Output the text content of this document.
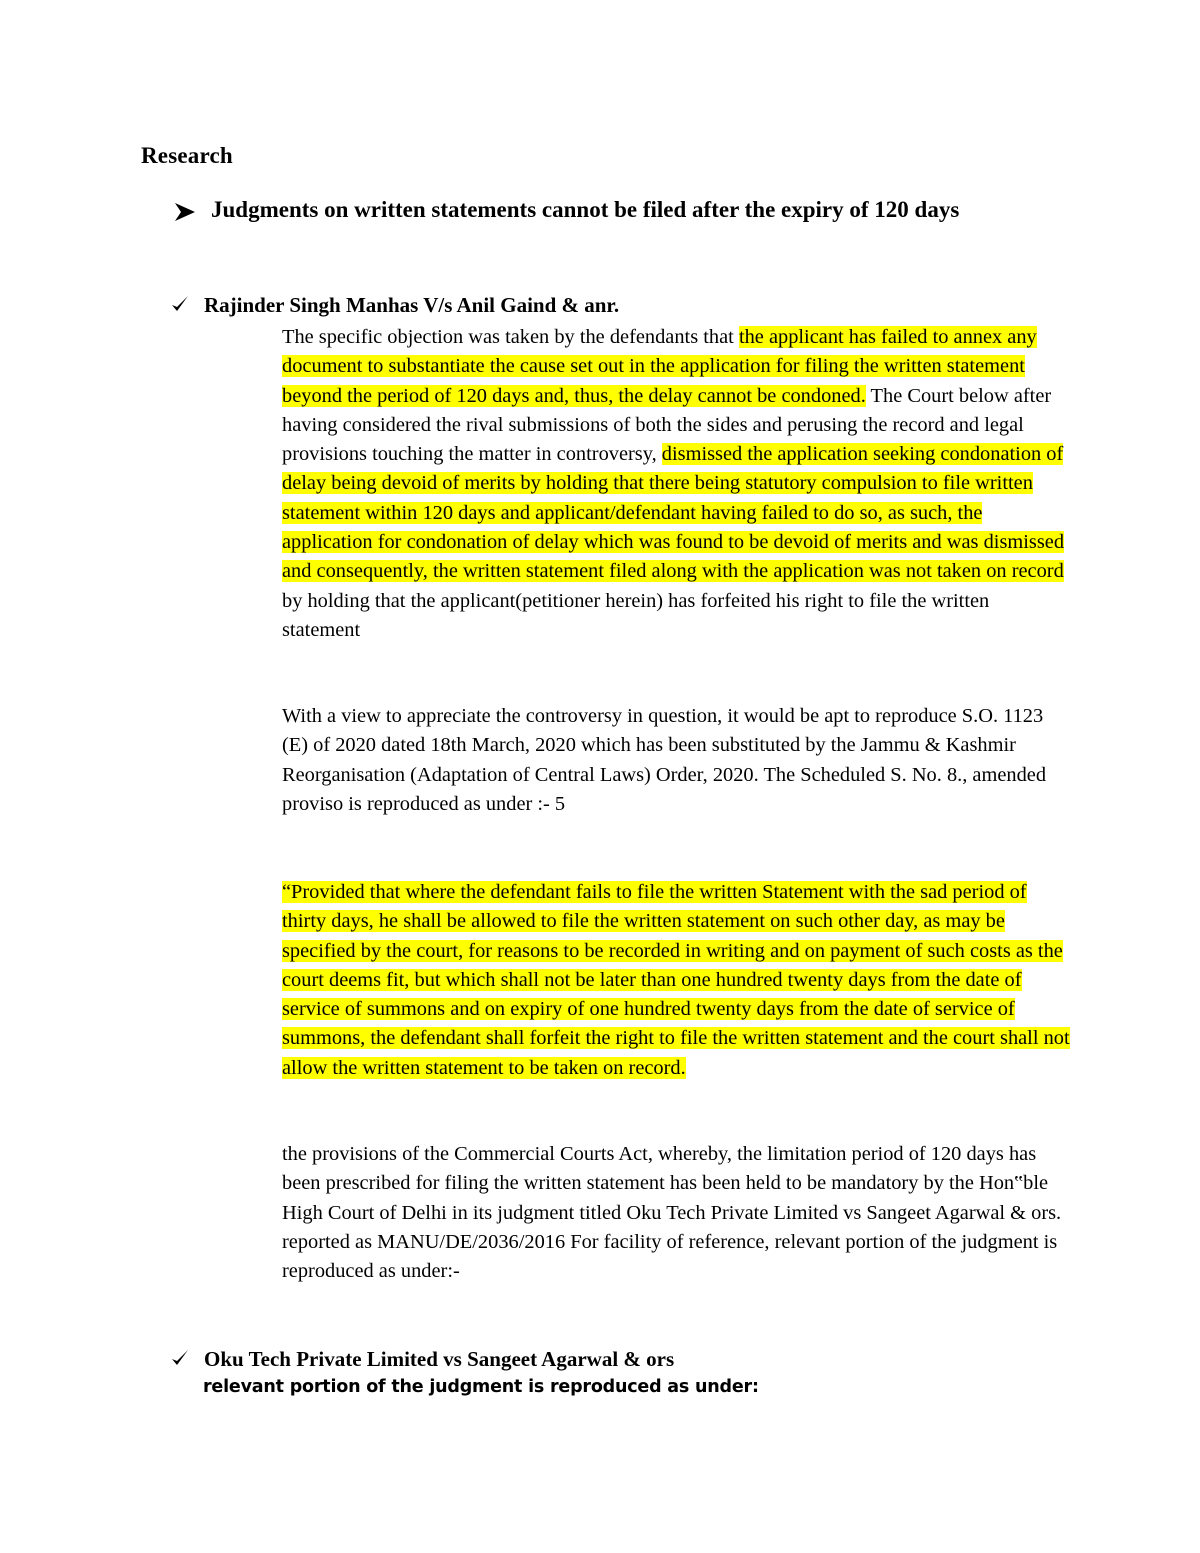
Research
Judgments on written statements cannot be filed after the expiry of 120 days
Rajinder Singh Manhas V/s Anil Gaind & anr.

The specific objection was taken by the defendants that the applicant has failed to annex any document to substantiate the cause set out in the application for filing the written statement beyond the period of 120 days and, thus, the delay cannot be condoned. The Court below after having considered the rival submissions of both the sides and perusing the record and legal provisions touching the matter in controversy, dismissed the application seeking condonation of delay being devoid of merits by holding that there being statutory compulsion to file written statement within 120 days and applicant/defendant having failed to do so, as such, the application for condonation of delay which was found to be devoid of merits and was dismissed and consequently, the written statement filed along with the application was not taken on record by holding that the applicant(petitioner herein) has forfeited his right to file the written statement

With a view to appreciate the controversy in question, it would be apt to reproduce S.O. 1123 (E) of 2020 dated 18th March, 2020 which has been substituted by the Jammu & Kashmir Reorganisation (Adaptation of Central Laws) Order, 2020. The Scheduled S. No. 8., amended proviso is reproduced as under :- 5

“Provided that where the defendant fails to file the written Statement with the sad period of thirty days, he shall be allowed to file the written statement on such other day, as may be specified by the court, for reasons to be recorded in writing and on payment of such costs as the court deems fit, but which shall not be later than one hundred twenty days from the date of service of summons and on expiry of one hundred twenty days from the date of service of summons, the defendant shall forfeit the right to file the written statement and the court shall not allow the written statement to be taken on record.

the provisions of the Commercial Courts Act, whereby, the limitation period of 120 days has been prescribed for filing the written statement has been held to be mandatory by the Hon‟ble High Court of Delhi in its judgment titled Oku Tech Private Limited vs Sangeet Agarwal & ors. reported as MANU/DE/2036/2016 For facility of reference, relevant portion of the judgment is reproduced as under:-

Oku Tech Private Limited vs Sangeet Agarwal & ors
relevant portion of the judgment is reproduced as under:
